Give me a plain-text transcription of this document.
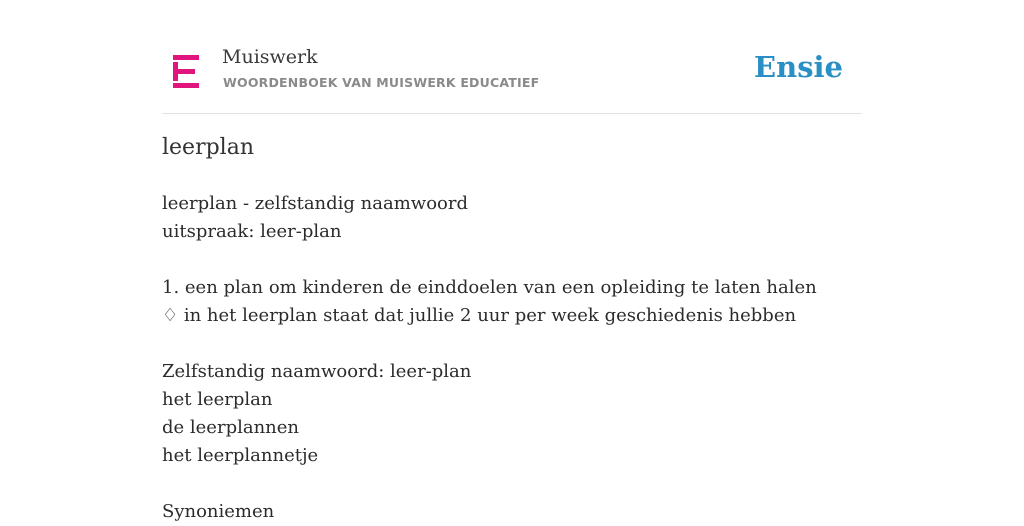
Muiswerk
WOORDENBOEK VAN MUISWERK EDUCATIEF	Ensie
leerplan
leerplan - zelfstandig naamwoord
uitspraak: leer-plan
1. een plan om kinderen de einddoelen van een opleiding te laten halen
♢ in het leerplan staat dat jullie 2 uur per week geschiedenis hebben
Zelfstandig naamwoord: leer-plan
het leerplan
de leerplannen
het leerplannetje
Synoniemen
